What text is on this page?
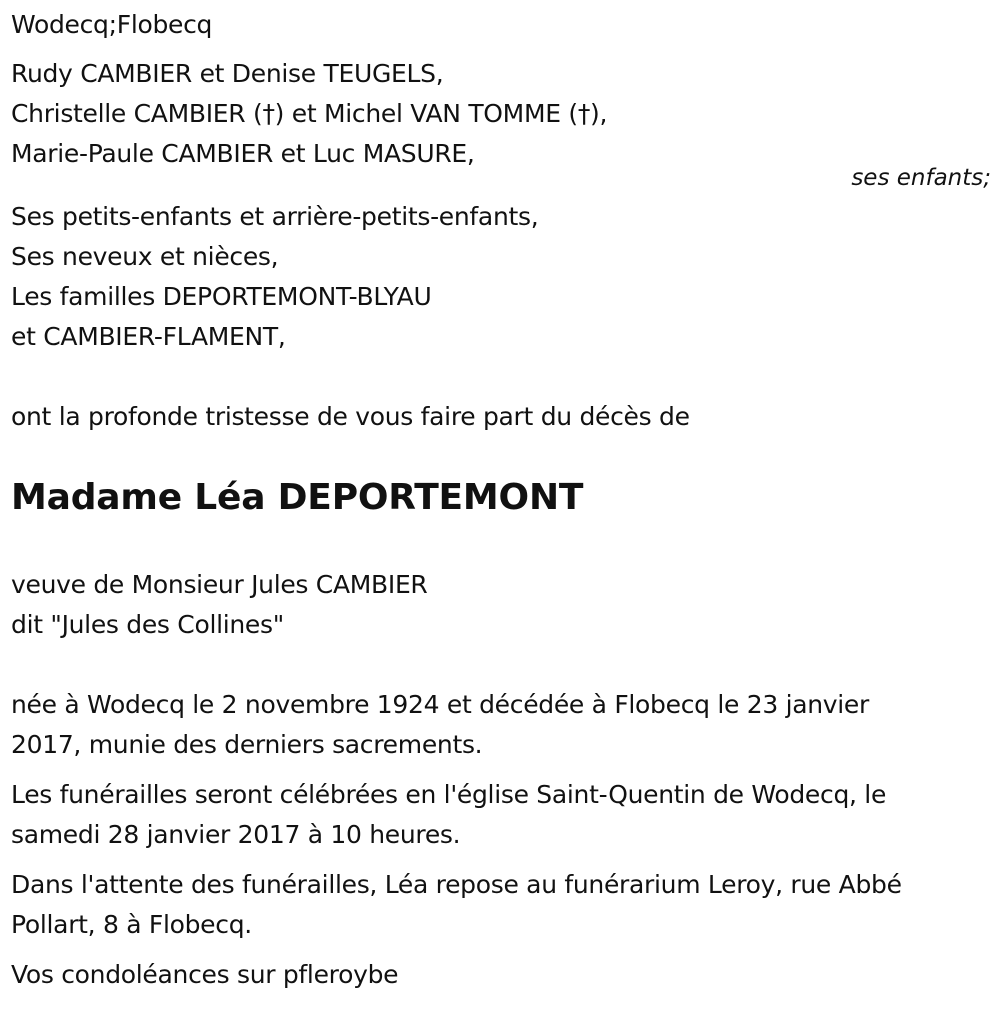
Wodecq;Flobecq
Rudy CAMBIER et Denise TEUGELS,
Christelle CAMBIER (†) et Michel VAN TOMME (†),
Marie-Paule CAMBIER et Luc MASURE,
ses enfants;
Ses petits-enfants et arrière-petits-enfants,
Ses neveux et nièces,
Les familles DEPORTEMONT-BLYAU
et CAMBIER-FLAMENT,
ont la profonde tristesse de vous faire part du décès de
Madame Léa DEPORTEMONT
veuve de Monsieur Jules CAMBIER
dit "Jules des Collines"
née à Wodecq le 2 novembre 1924 et décédée à Flobecq le 23 janvier
2017, munie des derniers sacrements.
Les funérailles seront célébrées en l'église Saint-Quentin de Wodecq, le
samedi 28 janvier 2017 à 10 heures.
Dans l'attente des funérailles, Léa repose au funérarium Leroy, rue Abbé
Pollart, 8 à Flobecq.
Vos condoléances sur pfleroybe
